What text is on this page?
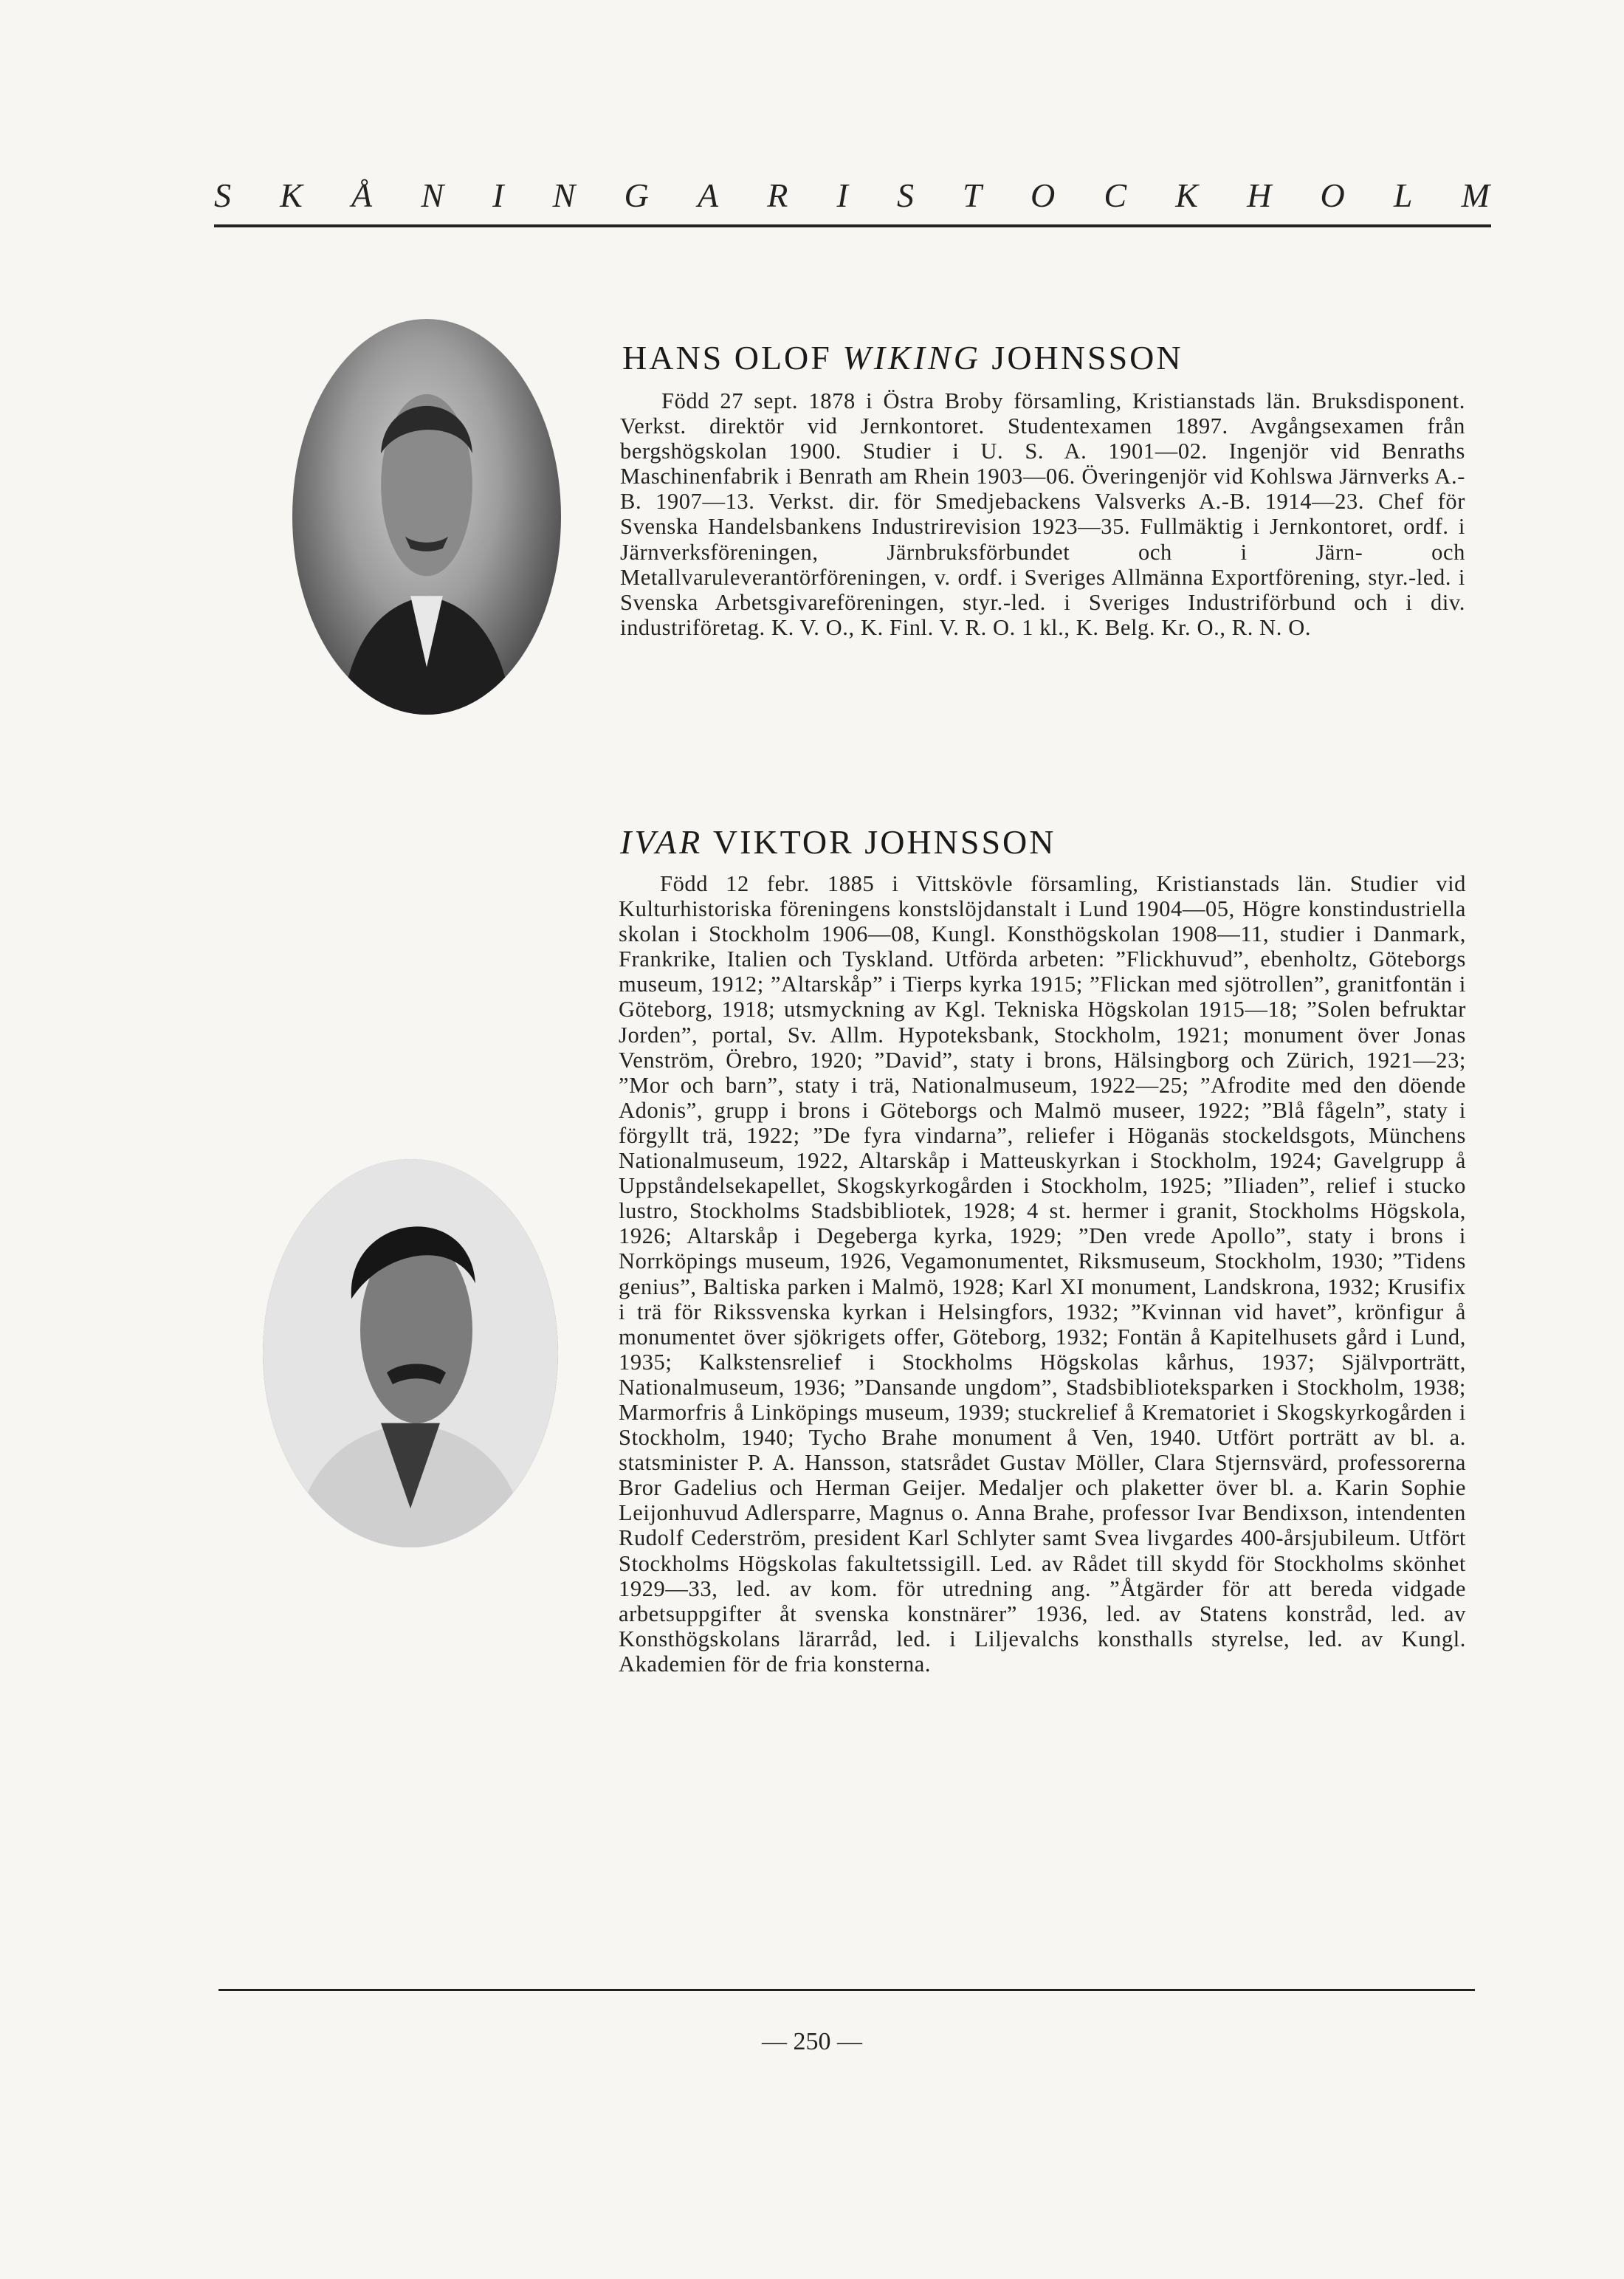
S K Å N I N G A R I S T O C K H O L M
HANS OLOF WIKING JOHNSSON

Född 27 sept. 1878 i Östra Broby församling, Kristianstads län. Bruksdisponent. Verkst. direktör vid Jernkontoret. Studentexamen 1897. Avgångsexamen från bergshögskolan 1900. Studier i U. S. A. 1901—02. Ingenjör vid Benraths Maschinenfabrik i Benrath am Rhein 1903—06. Överingenjör vid Kohlswa Järnverks A.-B. 1907—13. Verkst. dir. för Smedjebackens Valsverks A.-B. 1914—23. Chef för Svenska Handelsbankens Industrirevision 1923—35. Fullmäktig i Jernkontoret, ordf. i Järnverksföreningen, Järnbruksförbundet och i Järn- och Metallvaruleverantörföreningen, v. ordf. i Sveriges Allmänna Exportförening, styr.-led. i Svenska Arbetsgivareföreningen, styr.-led. i Sveriges Industriförbund och i div. industriföretag. K. V. O., K. Finl. V. R. O. 1 kl., K. Belg. Kr. O., R. N. O.

IVAR VIKTOR JOHNSSON

Född 12 febr. 1885 i Vittskövle församling, Kristianstads län. Studier vid Kulturhistoriska föreningens konstslöjdanstalt i Lund 1904—05, Högre konstindustriella skolan i Stockholm 1906—08, Kungl. Konsthögskolan 1908—11, studier i Danmark, Frankrike, Italien och Tyskland. Utförda arbeten: ”Flickhuvud”, ebenholtz, Göteborgs museum, 1912; ”Altarskåp” i Tierps kyrka 1915; ”Flickan med sjötrollen”, granitfontän i Göteborg, 1918; utsmyckning av Kgl. Tekniska Högskolan 1915—18; ”Solen befruktar Jorden”, portal, Sv. Allm. Hypoteksbank, Stockholm, 1921; monument över Jonas Venström, Örebro, 1920; ”David”, staty i brons, Hälsingborg och Zürich, 1921—23; ”Mor och barn”, staty i trä, Nationalmuseum, 1922—25; ”Afrodite med den döende Adonis”, grupp i brons i Göteborgs och Malmö museer, 1922; ”Blå fågeln”, staty i förgyllt trä, 1922; ”De fyra vindarna”, reliefer i Höganäs stockeldsgots, Münchens Nationalmuseum, 1922, Altarskåp i Matteuskyrkan i Stockholm, 1924; Gavelgrupp å Uppståndelsekapellet, Skogskyrkogården i Stockholm, 1925; ”Iliaden”, relief i stucko lustro, Stockholms Stadsbibliotek, 1928; 4 st. hermer i granit, Stockholms Högskola, 1926; Altarskåp i Degeberga kyrka, 1929; ”Den vrede Apollo”, staty i brons i Norrköpings museum, 1926, Vegamonumentet, Riksmuseum, Stockholm, 1930; ”Tidens genius”, Baltiska parken i Malmö, 1928; Karl XI monument, Landskrona, 1932; Krusifix i trä för Rikssvenska kyrkan i Helsingfors, 1932; ”Kvinnan vid havet”, krönfigur å monumentet över sjökrigets offer, Göteborg, 1932; Fontän å Kapitelhusets gård i Lund, 1935; Kalkstensrelief i Stockholms Högskolas kårhus, 1937; Självporträtt, Nationalmuseum, 1936; ”Dansande ungdom”, Stadsbiblioteksparken i Stockholm, 1938; Marmorfris å Linköpings museum, 1939; stuckrelief å Krematoriet i Skogskyrkogården i Stockholm, 1940; Tycho Brahe monument å Ven, 1940. Utfört porträtt av bl. a. statsminister P. A. Hansson, statsrådet Gustav Möller, Clara Stjernsvärd, professorerna Bror Gadelius och Herman Geijer. Medaljer och plaketter över bl. a. Karin Sophie Leijonhuvud Adlersparre, Magnus o. Anna Brahe, professor Ivar Bendixson, intendenten Rudolf Cederström, president Karl Schlyter samt Svea livgardes 400-årsjubileum. Utfört Stockholms Högskolas fakultetssigill. Led. av Rådet till skydd för Stockholms skönhet 1929—33, led. av kom. för utredning ang. ”Åtgärder för att bereda vidgade arbetsuppgifter åt svenska konstnärer” 1936, led. av Statens konstråd, led. av Konsthögskolans lärarråd, led. i Liljevalchs konsthalls styrelse, led. av Kungl. Akademien för de fria konsterna.

— 250 —
